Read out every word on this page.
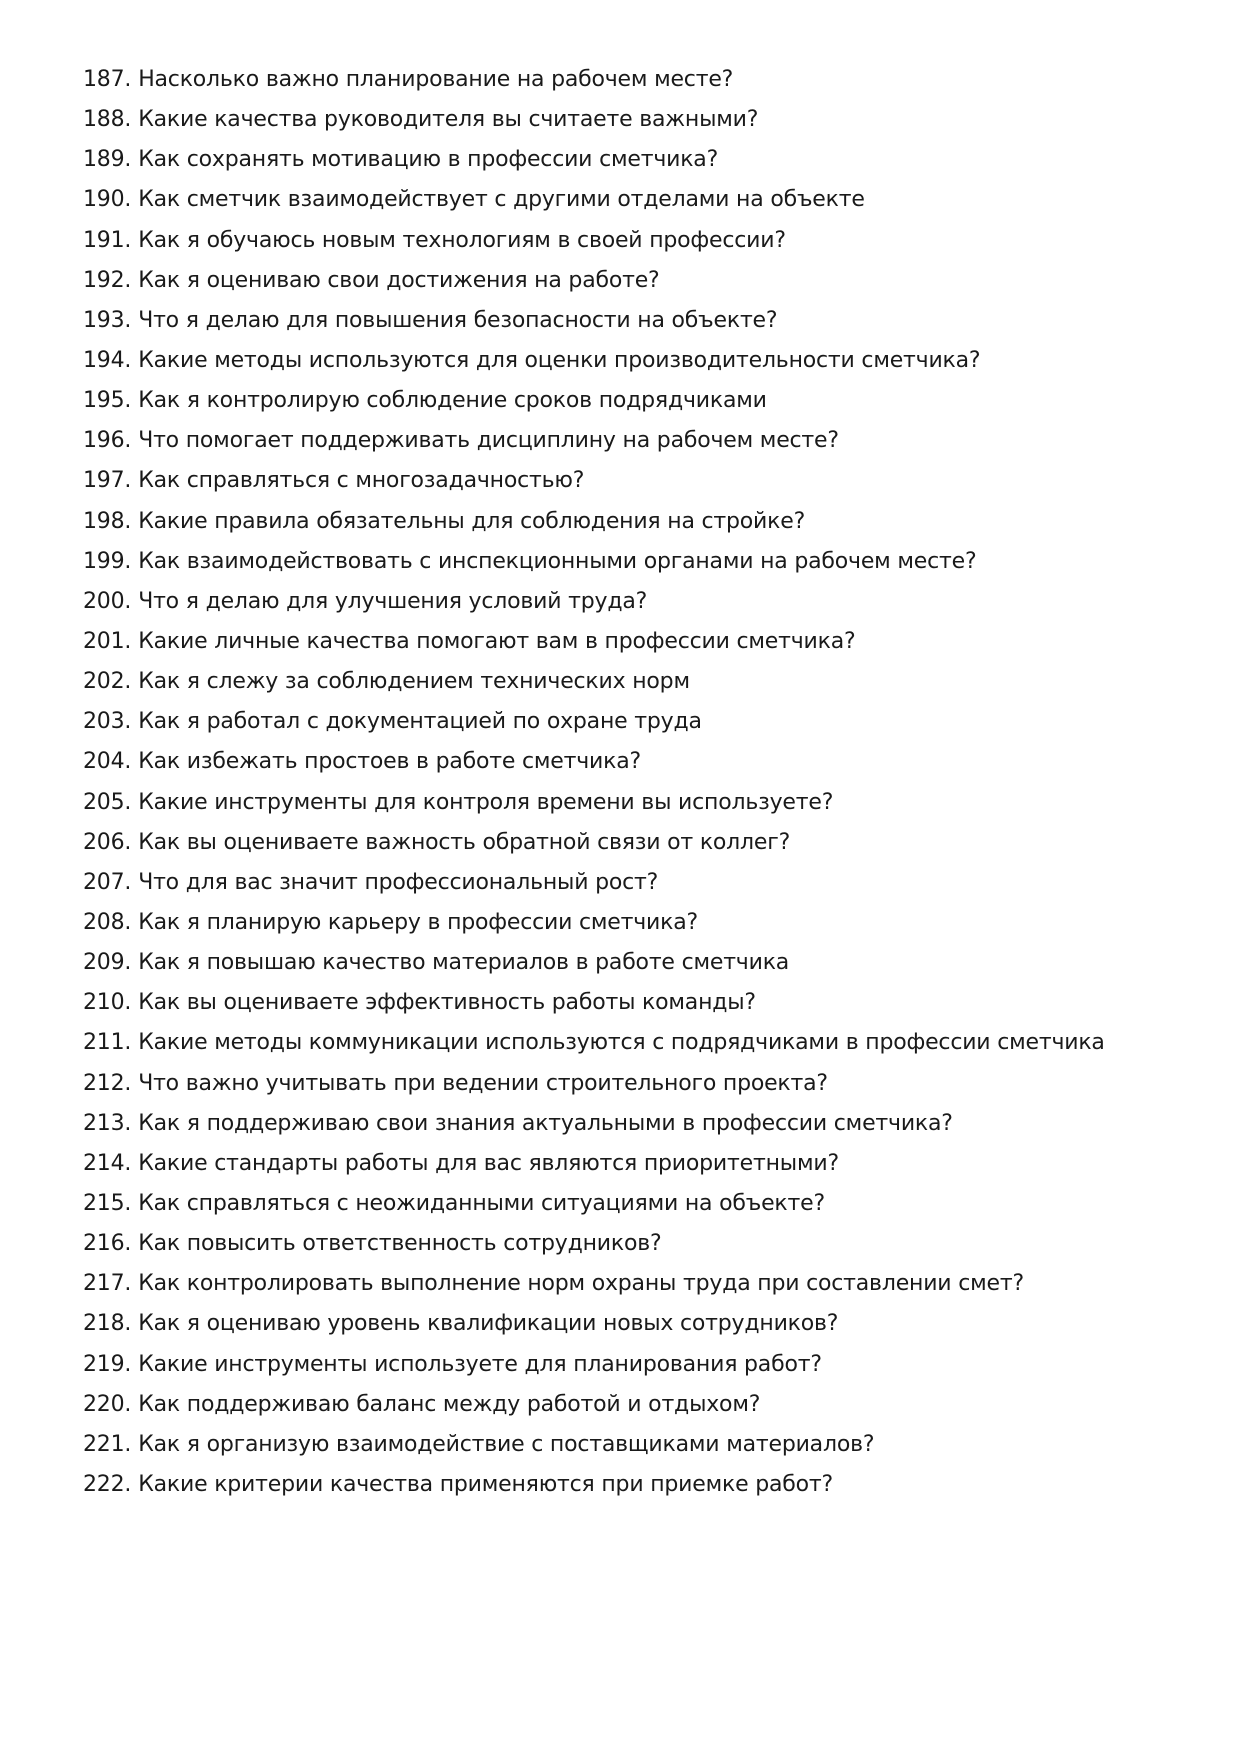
187. Насколько важно планирование на рабочем месте?
188. Какие качества руководителя вы считаете важными?
189. Как сохранять мотивацию в профессии сметчика?
190. Как сметчик взаимодействует с другими отделами на объекте
191. Как я обучаюсь новым технологиям в своей профессии?
192. Как я оцениваю свои достижения на работе?
193. Что я делаю для повышения безопасности на объекте?
194. Какие методы используются для оценки производительности сметчика?
195. Как я контролирую соблюдение сроков подрядчиками
196. Что помогает поддерживать дисциплину на рабочем месте?
197. Как справляться с многозадачностью?
198. Какие правила обязательны для соблюдения на стройке?
199. Как взаимодействовать с инспекционными органами на рабочем месте?
200. Что я делаю для улучшения условий труда?
201. Какие личные качества помогают вам в профессии сметчика?
202. Как я слежу за соблюдением технических норм
203. Как я работал с документацией по охране труда
204. Как избежать простоев в работе сметчика?
205. Какие инструменты для контроля времени вы используете?
206. Как вы оцениваете важность обратной связи от коллег?
207. Что для вас значит профессиональный рост?
208. Как я планирую карьеру в профессии сметчика?
209. Как я повышаю качество материалов в работе сметчика
210. Как вы оцениваете эффективность работы команды?
211. Какие методы коммуникации используются с подрядчиками в профессии сметчика
212. Что важно учитывать при ведении строительного проекта?
213. Как я поддерживаю свои знания актуальными в профессии сметчика?
214. Какие стандарты работы для вас являются приоритетными?
215. Как справляться с неожиданными ситуациями на объекте?
216. Как повысить ответственность сотрудников?
217. Как контролировать выполнение норм охраны труда при составлении смет?
218. Как я оцениваю уровень квалификации новых сотрудников?
219. Какие инструменты используете для планирования работ?
220. Как поддерживаю баланс между работой и отдыхом?
221. Как я организую взаимодействие с поставщиками материалов?
222. Какие критерии качества применяются при приемке работ?
